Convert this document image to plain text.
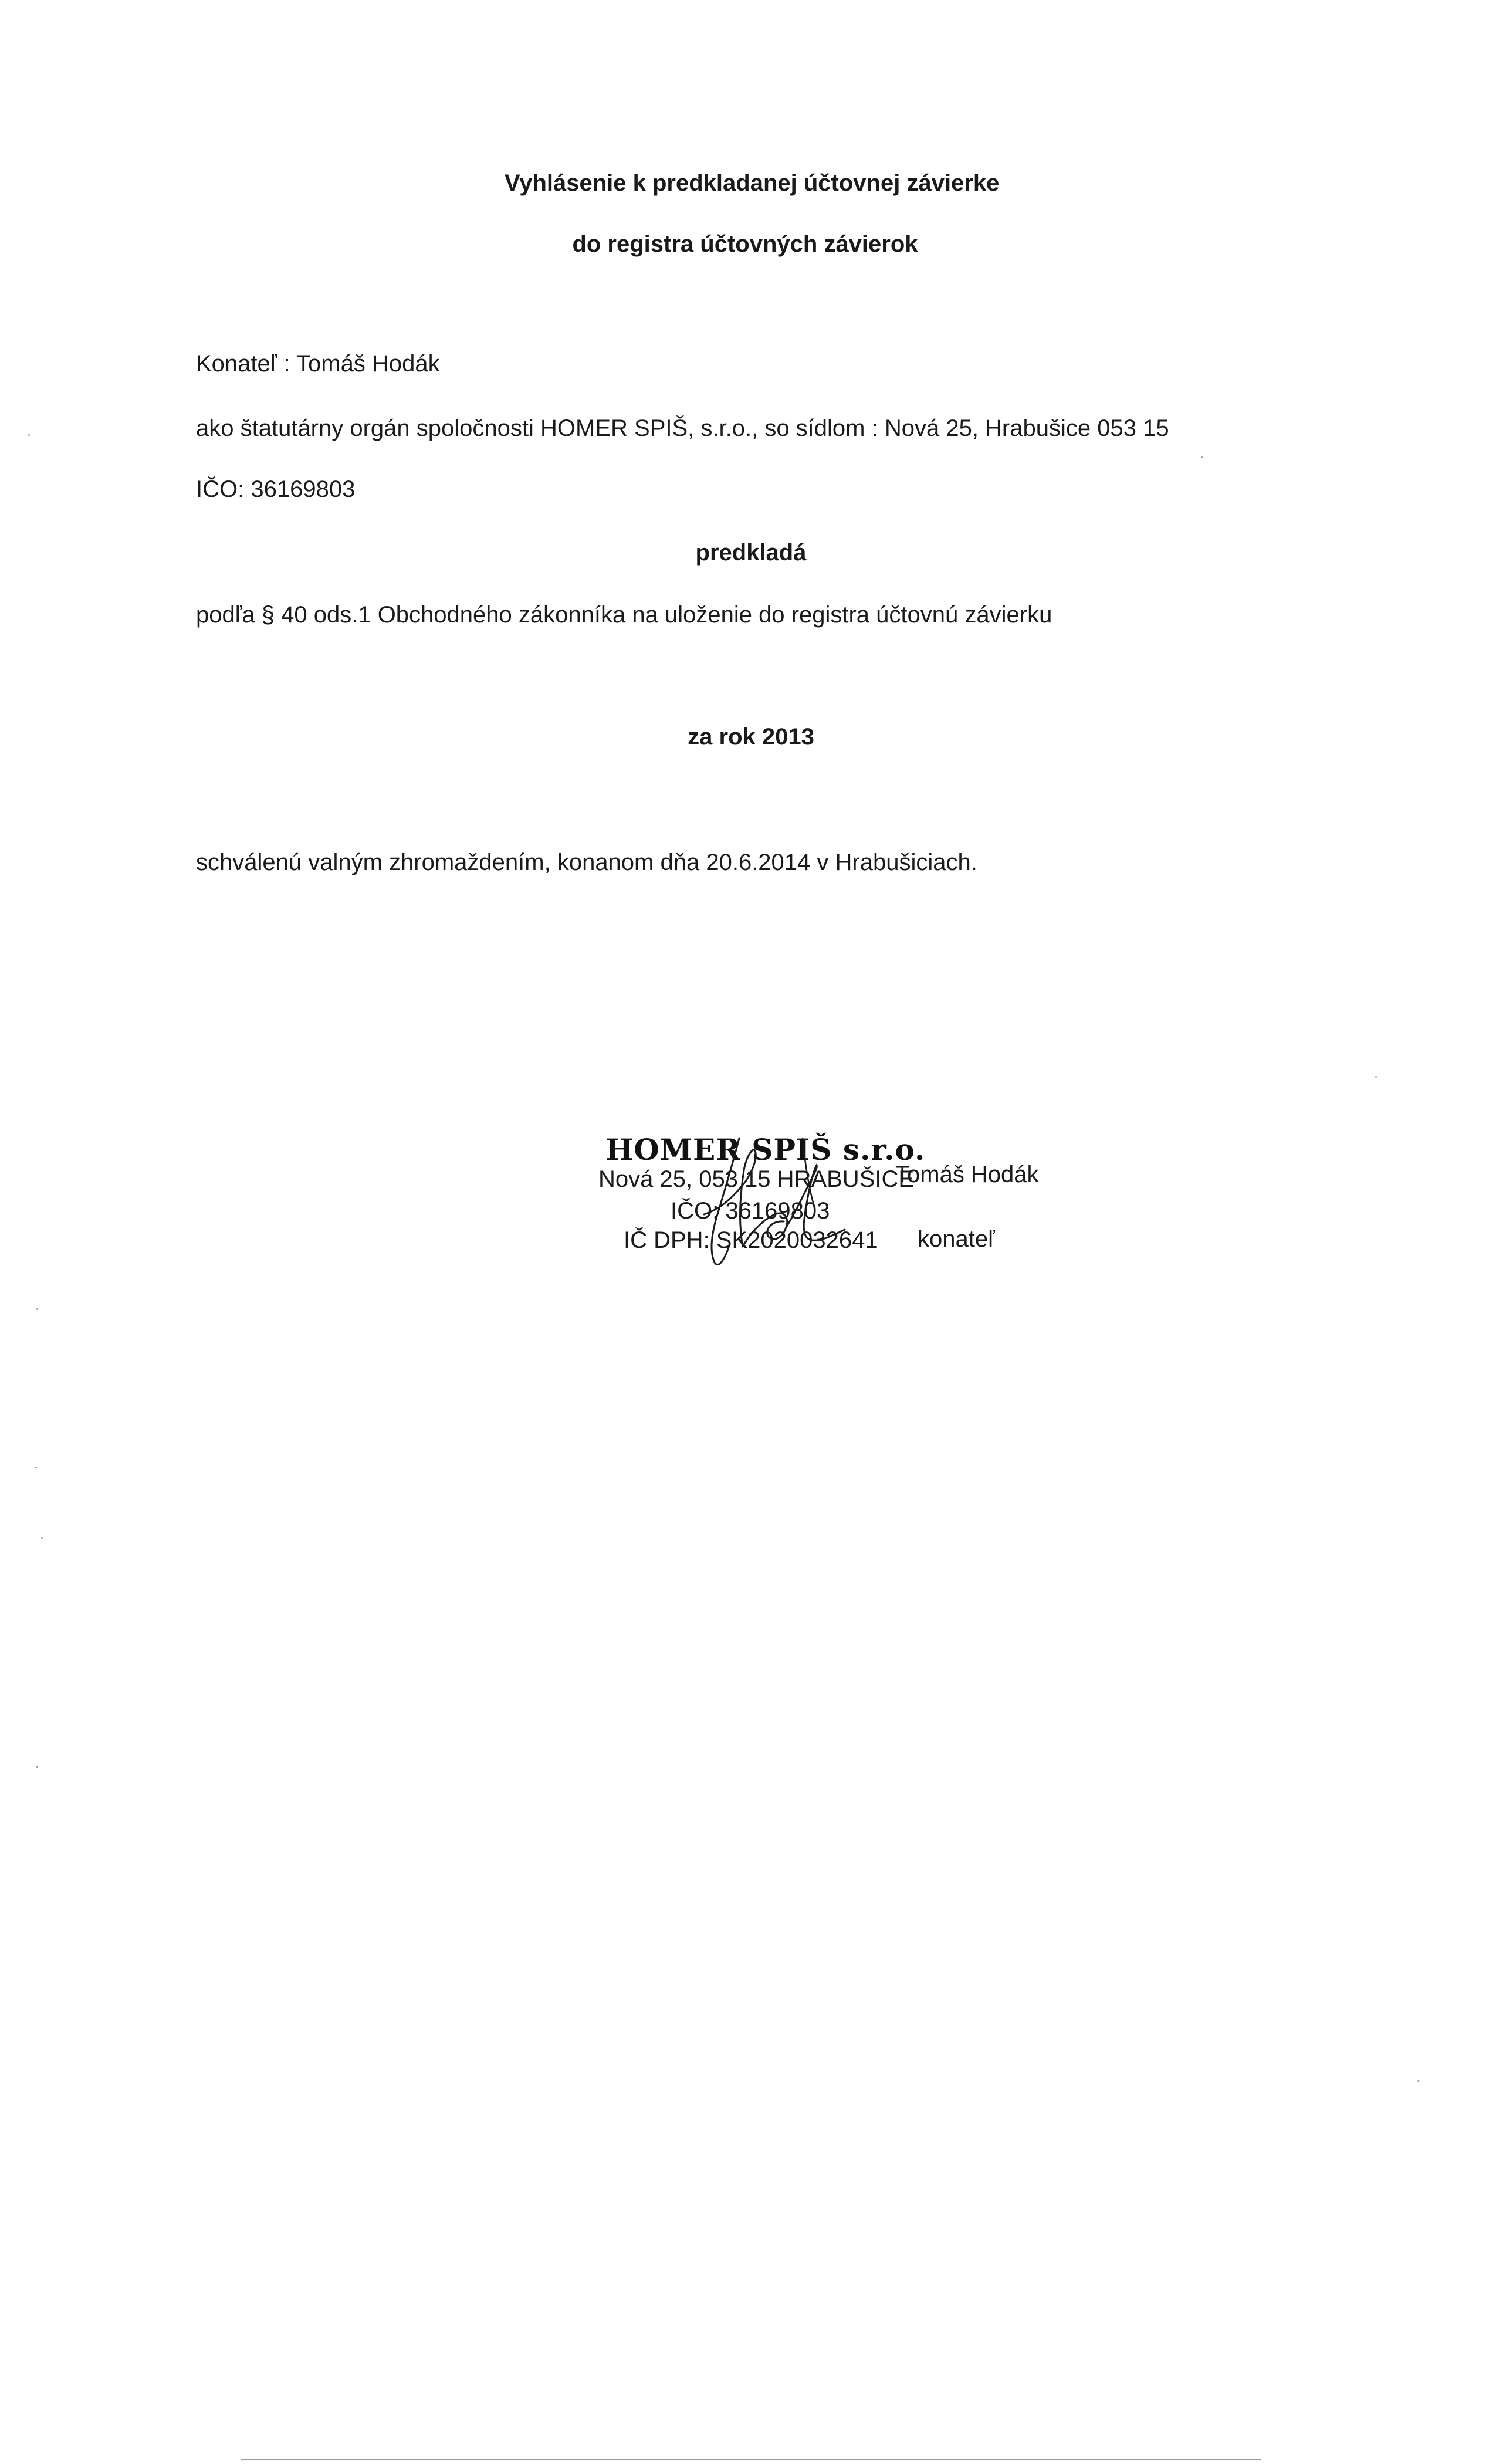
Vyhlásenie k predkladanej účtovnej závierke
do registra účtovných závierok
Konateľ : Tomáš Hodák
ako štatutárny orgán spoločnosti HOMER SPIŠ, s.r.o., so sídlom : Nová 25, Hrabušice 053 15
IČO: 36169803
predkladá
podľa § 40 ods.1 Obchodného zákonníka na uloženie do registra účtovnú závierku
za rok 2013
schválenú valným zhromaždením, konanom dňa 20.6.2014 v Hrabušiciach.
HOMER SPIŠ s.r.o.
Nová 25, 053 15 HRABUŠICE
IČO: 36169803
IČ DPH: SK2020032641
Tomáš Hodák
konateľ
